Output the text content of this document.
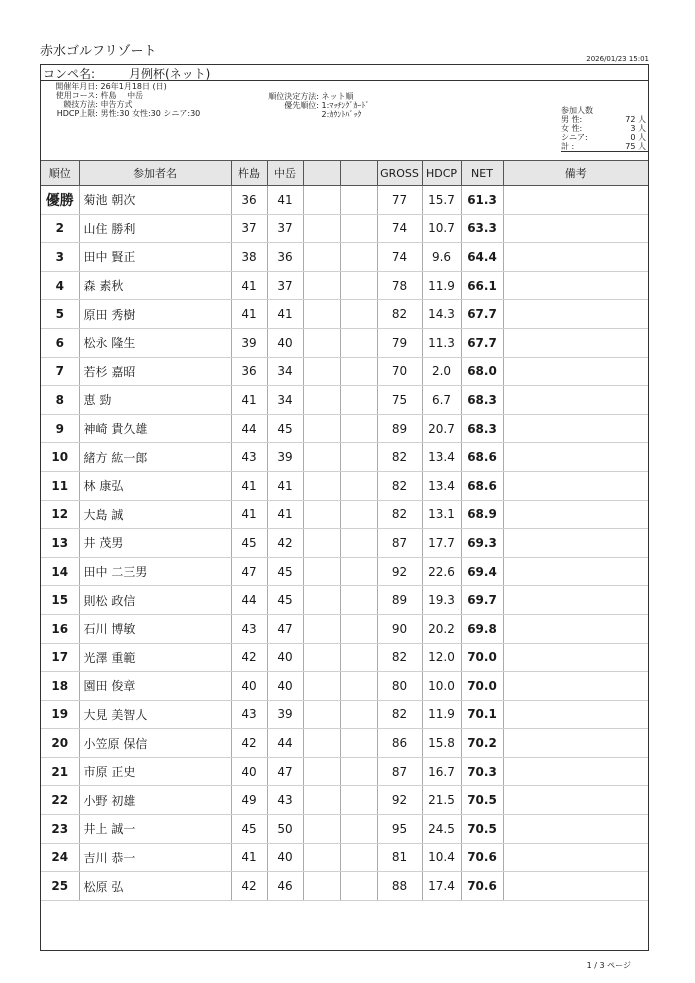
赤水ゴルフリゾート	2026/01/23 15:01
コンペ名:	月例杯(ネット)
開催年月日: 26年1月18日 (日)
使用コース: 杵島　 中岳
競技方法: 申告方式
HDCP上限: 男性:30 女性:30 シニア:30
順位決定方法: ネット順
優先順位: 1:ﾏｯﾁﾝｸﾞｶｰﾄﾞ
2:ｶｳﾝﾄﾊﾞｯｸ	参加人数
男 性:	72 人
女 性:	3 人
シニア:	0 人
計 :	75 人
順位	参加者名	杵島	中岳			GROSS	HDCP	NET	備考
優勝	菊池 朝次	36	41			77	15.7	61.3	
2	山住 勝利	37	37			74	10.7	63.3	
3	田中 賢正	38	36			74	9.6	64.4	
4	森 素秋	41	37			78	11.9	66.1	
5	原田 秀樹	41	41			82	14.3	67.7	
6	松永 隆生	39	40			79	11.3	67.7	
7	若杉 嘉昭	36	34			70	2.0	68.0	
8	恵 勁	41	34			75	6.7	68.3	
9	神崎 貴久雄	44	45			89	20.7	68.3	
10	緒方 紘一郎	43	39			82	13.4	68.6	
11	林 康弘	41	41			82	13.4	68.6	
12	大島 誠	41	41			82	13.1	68.9	
13	井 茂男	45	42			87	17.7	69.3	
14	田中 二三男	47	45			92	22.6	69.4	
15	則松 政信	44	45			89	19.3	69.7	
16	石川 博敏	43	47			90	20.2	69.8	
17	光澤 重範	42	40			82	12.0	70.0	
18	園田 俊章	40	40			80	10.0	70.0	
19	大見 美智人	43	39			82	11.9	70.1	
20	小笠原 保信	42	44			86	15.8	70.2	
21	市原 正史	40	47			87	16.7	70.3	
22	小野 初雄	49	43			92	21.5	70.5	
23	井上 誠一	45	50			95	24.5	70.5	
24	吉川 恭一	41	40			81	10.4	70.6	
25	松原 弘	42	46			88	17.4	70.6	
1 / 3 ページ
